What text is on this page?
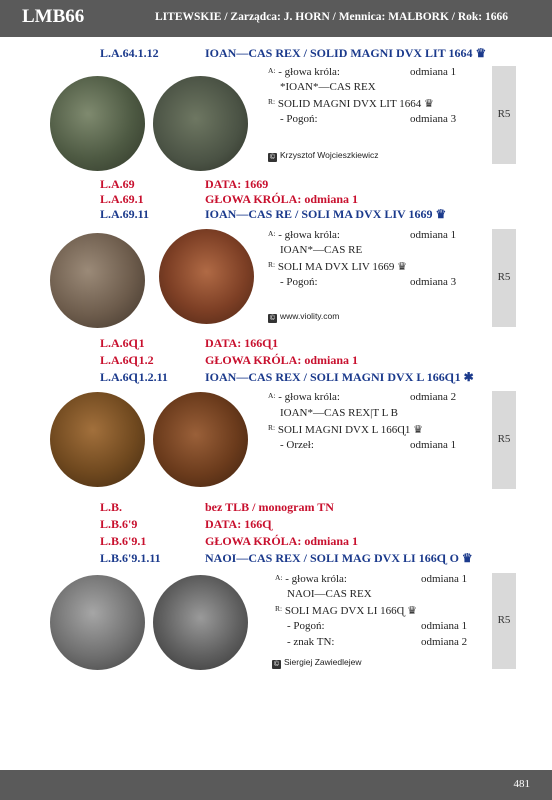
LMB66	LITEWSKIE / Zarządca: J. HORN / Mennica: MALBORK / Rok: 1666
L.A.64.1.12	IOAN—CAS REX / SOLID MAGNI DVX LIT 1664 ♛
$^{A:}$ - głowa króla:	odmiana 1
*IOAN*—CAS REX
$^{R:}$ SOLID MAGNI DVX LIT 1664 ♛
- Pogoń:	odmiana 3
© Krzysztof Wojcieszkiewicz
R5
L.A.69	DATA: 1669
L.A.69.1	GŁOWA KRÓLA: odmiana 1
L.A.69.11	IOAN—CAS RE / SOLI MA DVX LIV 1669 ♛
$^{A:}$ - głowa króla:	odmiana 1
IOAN*—CAS RE
$^{R:}$ SOLI MA DVX LIV 1669 ♛
- Pogoń:	odmiana 3
© www.violity.com
R5
L.A.6Ɋ1	DATA: 166Ɋ1
L.A.6Ɋ1.2	GŁOWA KRÓLA: odmiana 1
L.A.6Ɋ1.2.11	IOAN—CAS REX / SOLI MAGNI DVX L 166Ɋ1 ✱
$^{A:}$ - głowa króla:	odmiana 2
IOAN*—CAS REX|T L B
$^{R:}$ SOLI MAGNI DVX L 166Ɋ1 ♛
- Orzeł:	odmiana 1	R5
L.B.	bez TLB / monogram TN
L.B.6'9	DATA: 166Ɋ
L.B.6'9.1	GŁOWA KRÓLA: odmiana 1
L.B.6'9.1.11	NAOI—CAS REX / SOLI MAG DVX LI 166Ɋ O ♛
$^{A:}$ - głowa króla:	odmiana 1
NAOI—CAS REX
$^{R:}$ SOLI MAG DVX LI 166Ɋ ♛
- Pogoń:	odmiana 1
- znak TN:	odmiana 2
© Siergiej Zawiedlejew
R5
481
